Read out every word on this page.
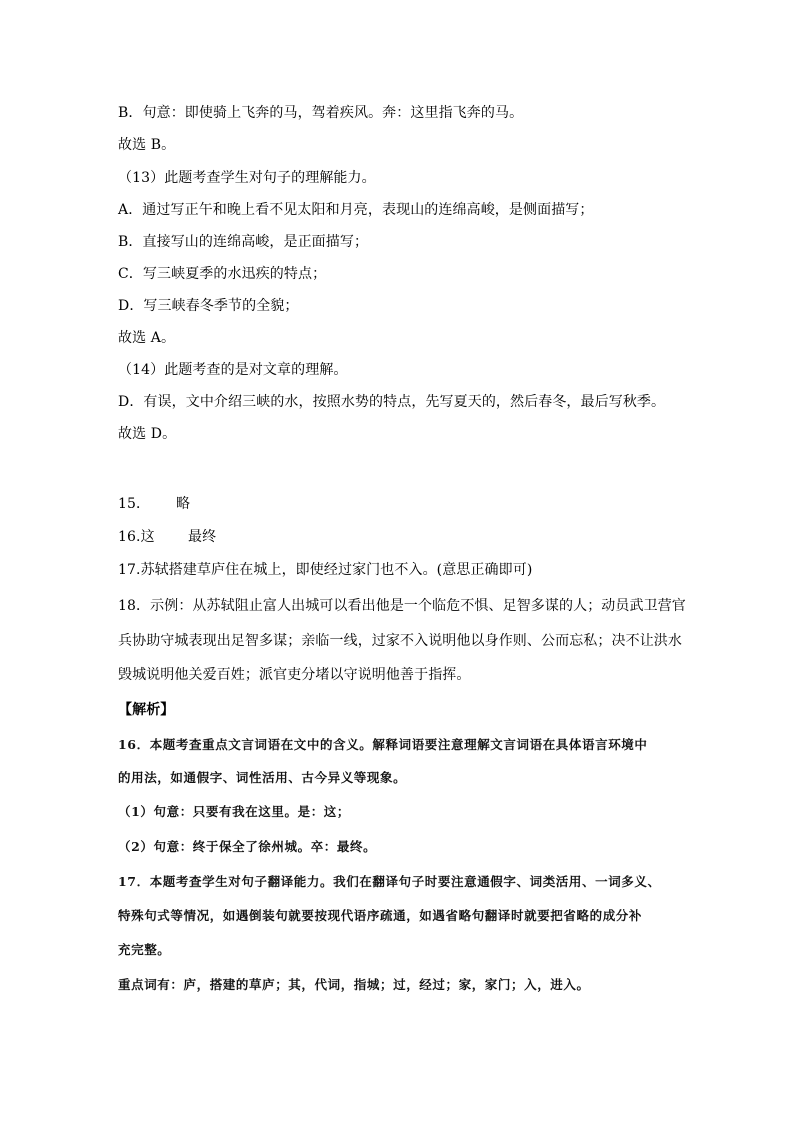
B．句意：即使骑上飞奔的马，驾着疾风。奔：这里指飞奔的马。
故选 B。
（13）此题考查学生对句子的理解能力。
A．通过写正午和晚上看不见太阳和月亮，表现山的连绵高峻，是侧面描写；
B．直接写山的连绵高峻，是正面描写；
C．写三峡夏季的水迅疾的特点；
D．写三峡春冬季节的全貌；
故选 A。
（14）此题考查的是对文章的理解。
D．有误，文中介绍三峡的水，按照水势的特点，先写夏天的，然后春冬，最后写秋季。
故选 D。
15． 略
16.这 最终
17.苏轼搭建草庐住在城上，即使经过家门也不入。(意思正确即可)
18．示例：从苏轼阻止富人出城可以看出他是一个临危不惧、足智多谋的人；动员武卫营官
兵协助守城表现出足智多谋；亲临一线，过家不入说明他以身作则、公而忘私；决不让洪水
毁城说明他关爱百姓；派官吏分堵以守说明他善于指挥。
【解析】
16．本题考查重点文言词语在文中的含义。解释词语要注意理解文言词语在具体语言环境中
的用法，如通假字、词性活用、古今异义等现象。
（1）句意：只要有我在这里。是：这；
（2）句意：终于保全了徐州城。卒：最终。
17．本题考查学生对句子翻译能力。我们在翻译句子时要注意通假字、词类活用、一词多义、
特殊句式等情况，如遇倒装句就要按现代语序疏通，如遇省略句翻译时就要把省略的成分补
充完整。
重点词有：庐，搭建的草庐；其，代词，指城；过，经过；家，家门；入，进入。
